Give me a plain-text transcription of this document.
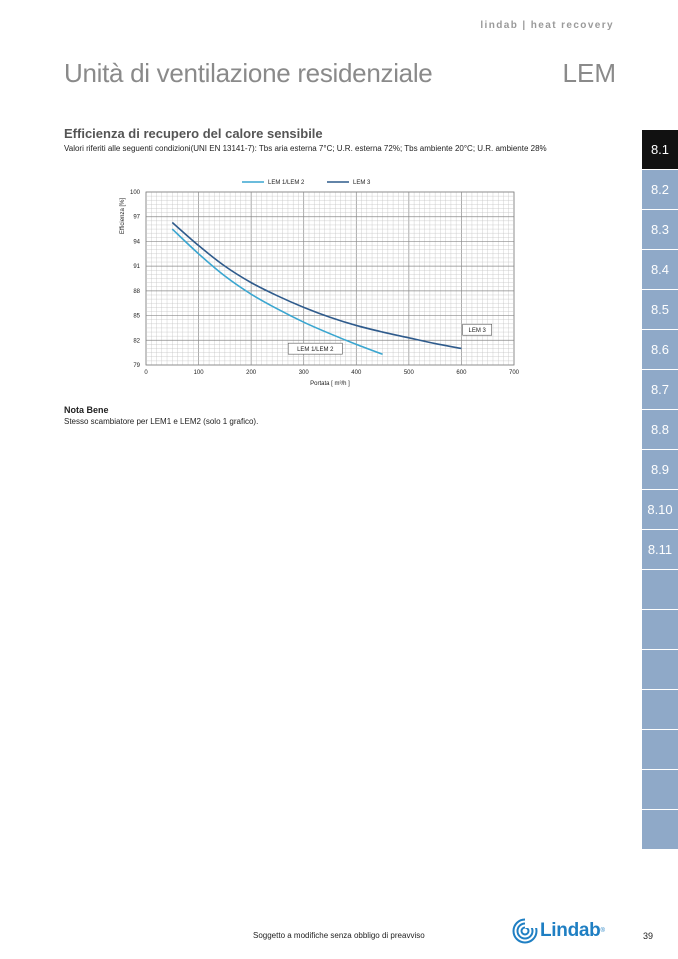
lindab | heat recovery
Unità di ventilazione residenziale	LEM
Efficienza di recupero del calore sensibile
Valori riferiti alle seguenti condizioni(UNI EN 13141-7): Tbs aria esterna 7°C; U.R. esterna 72%; Tbs ambiente 20°C; U.R. ambiente 28%
0	100	200	300	400	500	600	700
100
97
94
91
88
85
82
79
Portata [ m³/h ]
Efficienza [%]
LEM 1/LEM 2	LEM 3
LEM 3
LEM 1/LEM 2
Nota Bene
Stesso scambiatore per LEM1 e LEM2 (solo 1 grafico).
8.1
8.2
8.3
8.4
8.5
8.6
8.7
8.8
8.9
8.10
8.11
Soggetto a modifiche senza obbligo di preavviso	Lindab ®	39
